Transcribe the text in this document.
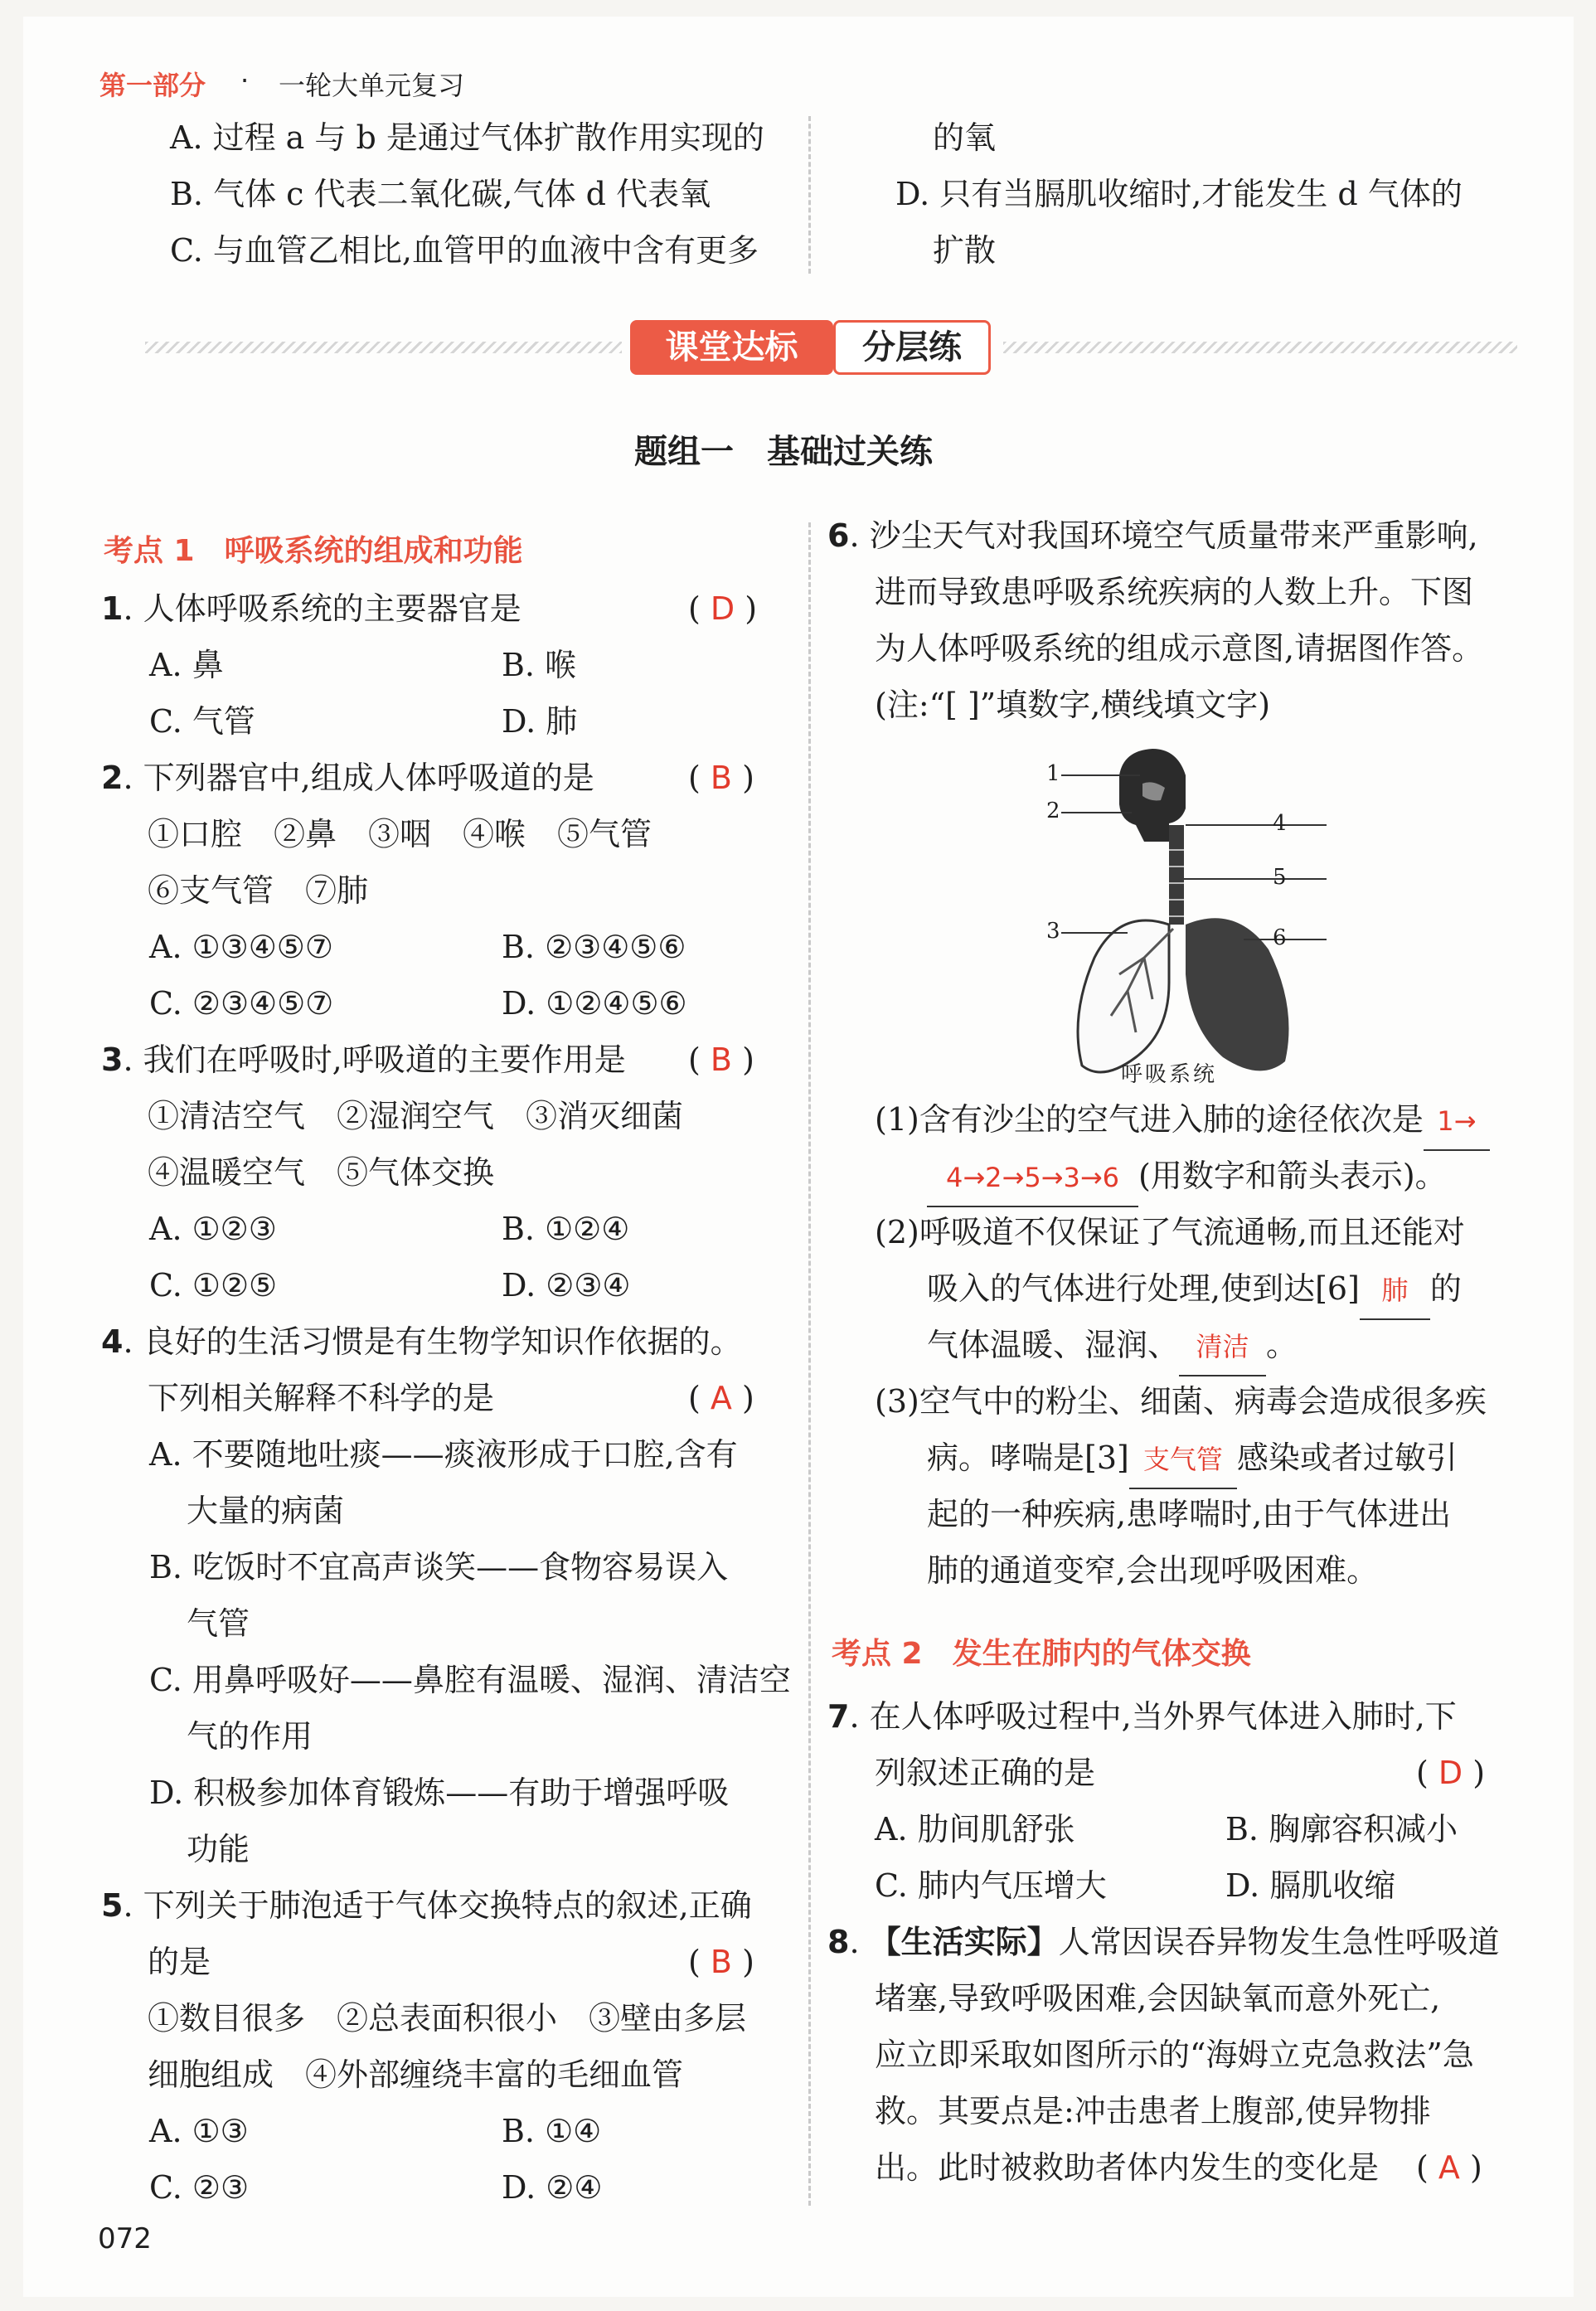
第一部分 · 一轮大单元复习
A. 过程 a 与 b 是通过气体扩散作用实现的
B. 气体 c 代表二氧化碳,气体 d 代表氧
C. 与血管乙相比,血管甲的血液中含有更多
的氧
D. 只有当膈肌收缩时,才能发生 d 气体的
扩散
课堂达标	分层练
题组一　基础过关练
考点 1　呼吸系统的组成和功能
1. 人体呼吸系统的主要器官是	( D )
A. 鼻	B. 喉
C. 气管	D. 肺
2. 下列器官中,组成人体呼吸道的是	( B )
①口腔　②鼻　③咽　④喉　⑤气管
⑥支气管　⑦肺
A. ①③④⑤⑦	B. ②③④⑤⑥
C. ②③④⑤⑦	D. ①②④⑤⑥
3. 我们在呼吸时,呼吸道的主要作用是 ( B )
①清洁空气　②湿润空气　③消灭细菌
④温暖空气　⑤气体交换
A. ①②③	B. ①②④
C. ①②⑤	D. ②③④
4. 良好的生活习惯是有生物学知识作依据的。
下列相关解释不科学的是	( A )
A. 不要随地吐痰——痰液形成于口腔,含有
大量的病菌
B. 吃饭时不宜高声谈笑——食物容易误入
气管
C. 用鼻呼吸好——鼻腔有温暖、湿润、清洁空
气的作用
D. 积极参加体育锻炼——有助于增强呼吸
功能
5. 下列关于肺泡适于气体交换特点的叙述,正确
的是	( B )
①数目很多　②总表面积很小　③壁由多层
细胞组成　④外部缠绕丰富的毛细血管
A. ①③	B. ①④
C. ②③	D. ②④
072
6. 沙尘天气对我国环境空气质量带来严重影响,
进而导致患呼吸系统疾病的人数上升。下图
为人体呼吸系统的组成示意图,请据图作答。
(注:“[ ]”填数字,横线填文字)
1
2
3
4
5
6
呼吸系统
(1)含有沙尘的空气进入肺的途径依次是 1→
4→2→5→3→6 (用数字和箭头表示)。
(2)呼吸道不仅保证了气流通畅,而且还能对
吸入的气体进行处理,使到达[6] 肺 的
气体温暖、湿润、 清洁 。
(3)空气中的粉尘、细菌、病毒会造成很多疾
病。哮喘是[3] 支气管 感染或者过敏引
起的一种疾病,患哮喘时,由于气体进出
肺的通道变窄,会出现呼吸困难。
考点 2　发生在肺内的气体交换
7. 在人体呼吸过程中,当外界气体进入肺时,下
列叙述正确的是	( D )
A. 肋间肌舒张	B. 胸廓容积减小
C. 肺内气压增大	D. 膈肌收缩
8. 【生活实际】人常因误吞异物发生急性呼吸道
堵塞,导致呼吸困难,会因缺氧而意外死亡,
应立即采取如图所示的“海姆立克急救法”急
救。其要点是:冲击患者上腹部,使异物排
出。此时被救助者体内发生的变化是 ( A )
